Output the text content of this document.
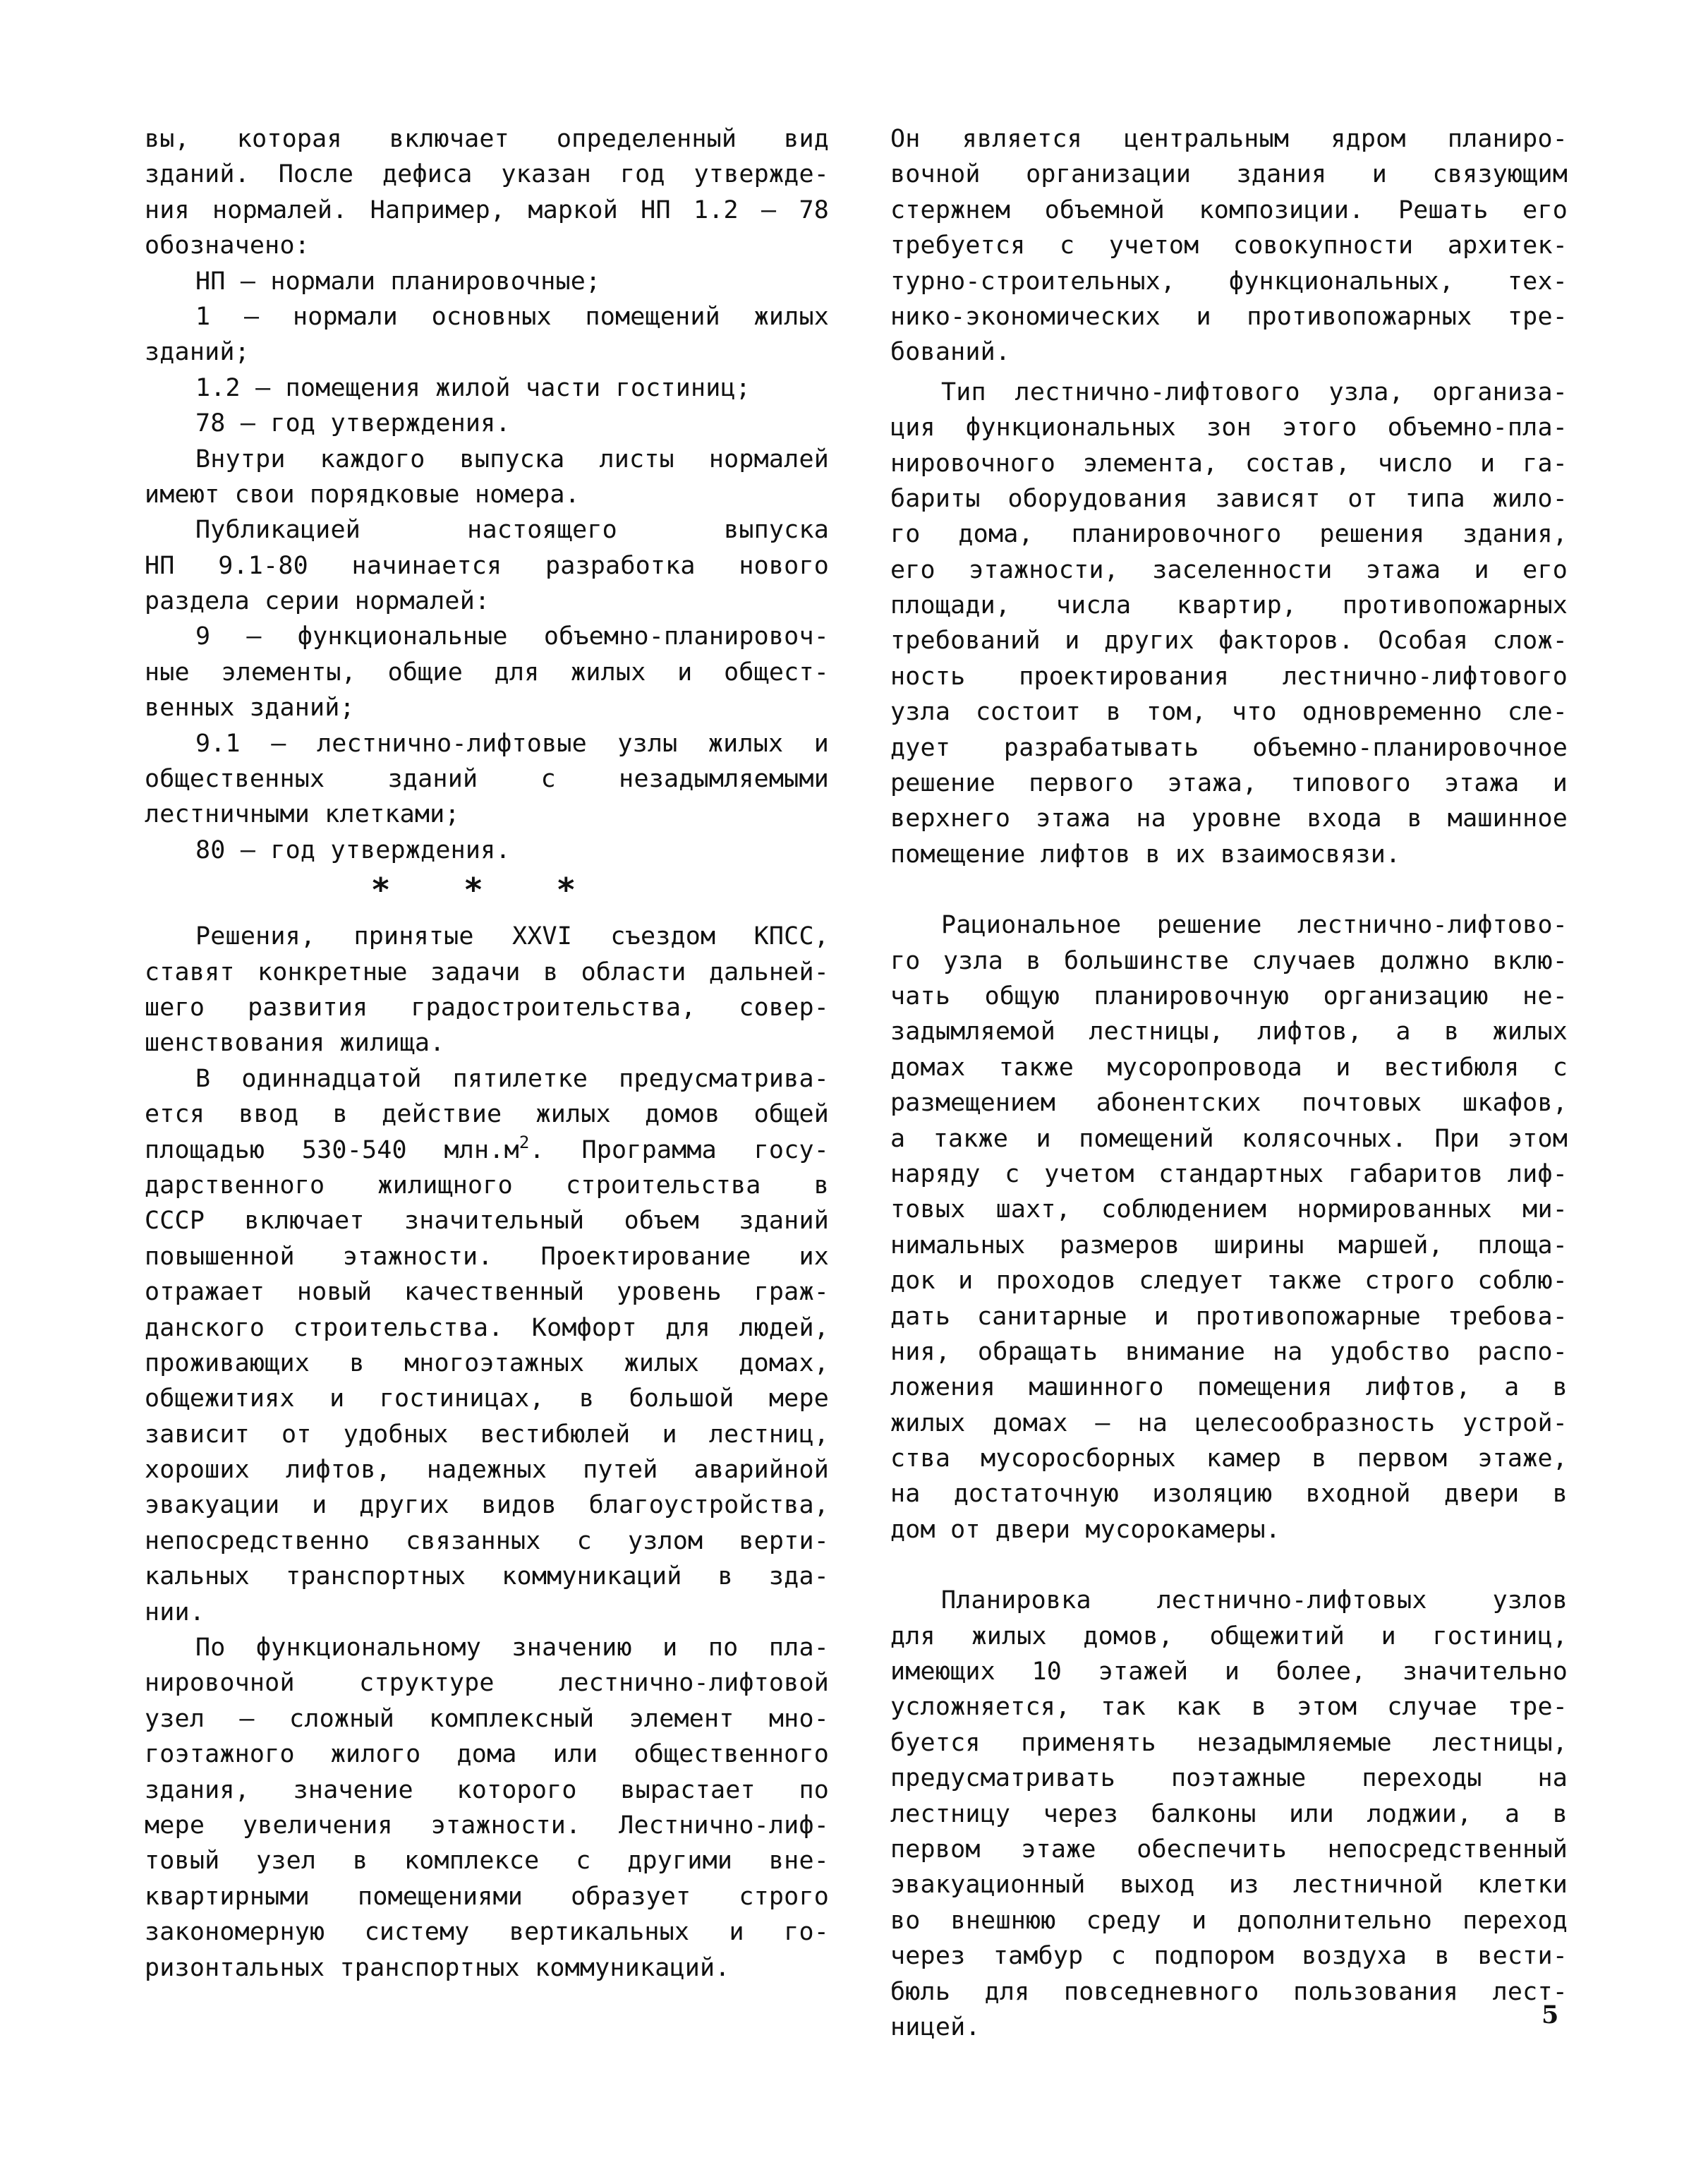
вы, которая включает определенный вид
зданий. После дефиса указан год утвержде-
ния нормалей. Например, маркой НП 1.2 – 78
обозначено:
НП – нормали планировочные;
1 – нормали основных помещений жилых
зданий;
1.2 – помещения жилой части гостиниц;
78 – год утверждения.
Внутри каждого выпуска листы нормалей
имеют свои порядковые номера.
Публикацией настоящего выпуска
НП 9.1-80 начинается разработка нового
раздела серии нормалей:
9 – функциональные объемно-планировоч-
ные элементы, общие для жилых и общест-
венных зданий;
9.1 – лестнично-лифтовые узлы жилых и
общественных зданий с незадымляемыми
лестничными клетками;
80 – год утверждения.
* * *
Решения, принятые XXVI съездом КПСС,
ставят конкретные задачи в области дальней-
шего развития градостроительства, совер-
шенствования жилища.
В одиннадцатой пятилетке предусматрива-
ется ввод в действие жилых домов общей
площадью 530-540 $млн.м^2$. Программа госу-
дарственного жилищного строительства в
СССР включает значительный объем зданий
повышенной этажности. Проектирование их
отражает новый качественный уровень граж-
данского строительства. Комфорт для людей,
проживающих в многоэтажных жилых домах,
общежитиях и гостиницах, в большой мере
зависит от удобных вестибюлей и лестниц,
хороших лифтов, надежных путей аварийной
эвакуации и других видов благоустройства,
непосредственно связанных с узлом верти-
кальных транспортных коммуникаций в зда-
нии.
По функциональному значению и по пла-
нировочной структуре лестнично-лифтовой
узел – сложный комплексный элемент мно-
гоэтажного жилого дома или общественного
здания, значение которого вырастает по
мере увеличения этажности. Лестнично-лиф-
товый узел в комплексе с другими вне-
квартирными помещениями образует строго
закономерную систему вертикальных и го-
ризонтальных транспортных коммуникаций.
Он является центральным ядром планиро-
вочной организации здания и связующим
стержнем объемной композиции. Решать его
требуется с учетом совокупности архитек-
турно-строительных, функциональных, тех-
нико-экономических и противопожарных тре-
бований.
Тип лестнично-лифтового узла, организа-
ция функциональных зон этого объемно-пла-
нировочного элемента, состав, число и га-
бариты оборудования зависят от типа жило-
го дома, планировочного решения здания,
его этажности, заселенности этажа и его
площади, числа квартир, противопожарных
требований и других факторов. Особая слож-
ность проектирования лестнично-лифтового
узла состоит в том, что одновременно сле-
дует разрабатывать объемно-планировочное
решение первого этажа, типового этажа и
верхнего этажа на уровне входа в машинное
помещение лифтов в их взаимосвязи.
Рациональное решение лестнично-лифтово-
го узла в большинстве случаев должно вклю-
чать общую планировочную организацию не-
задымляемой лестницы, лифтов, а в жилых
домах также мусоропровода и вестибюля с
размещением абонентских почтовых шкафов,
а также и помещений колясочных. При этом
наряду с учетом стандартных габаритов лиф-
товых шахт, соблюдением нормированных ми-
нимальных размеров ширины маршей, площа-
док и проходов следует также строго соблю-
дать санитарные и противопожарные требова-
ния, обращать внимание на удобство распо-
ложения машинного помещения лифтов, а в
жилых домах – на целесообразность устрой-
ства мусоросборных камер в первом этаже,
на достаточную изоляцию входной двери в
дом от двери мусорокамеры.
Планировка лестнично-лифтовых узлов
для жилых домов, общежитий и гостиниц,
имеющих 10 этажей и более, значительно
усложняется, так как в этом случае тре-
буется применять незадымляемые лестницы,
предусматривать поэтажные переходы на
лестницу через балконы или лоджии, а в
первом этаже обеспечить непосредственный
эвакуационный выход из лестничной клетки
во внешнюю среду и дополнительно переход
через тамбур с подпором воздуха в вести-
бюль для повседневного пользования лест-
ницей.	5
